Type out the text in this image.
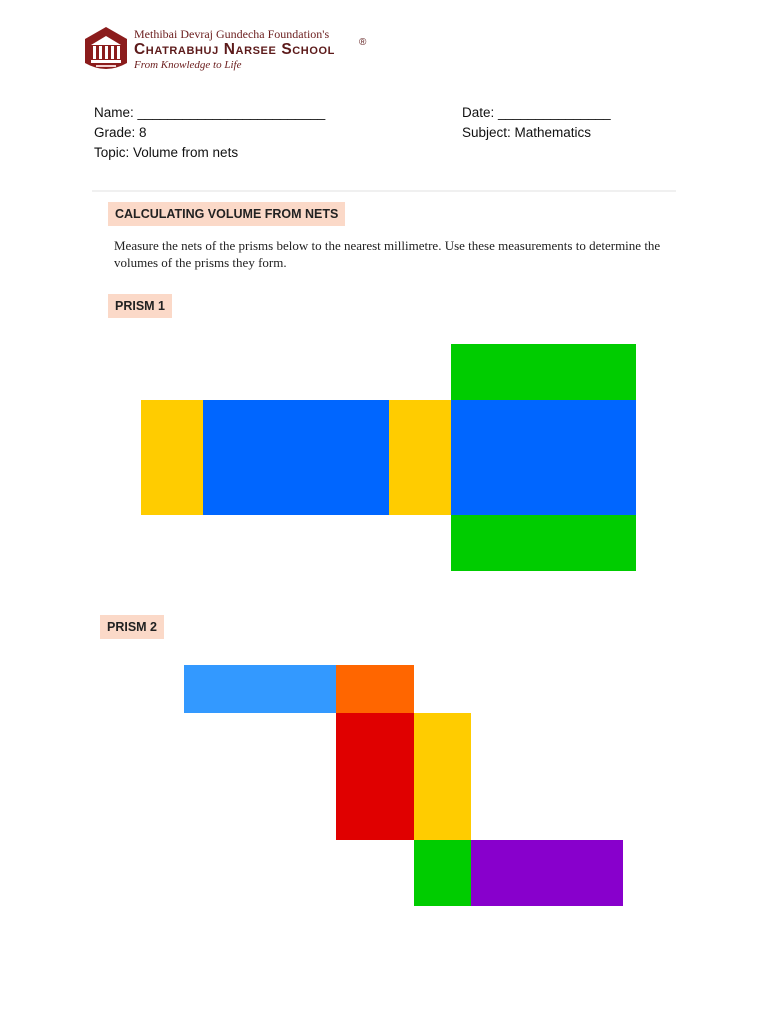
Methibai Devraj Gundecha Foundation's
Chatrabhuj Narsee School ®
From Knowledge to Life
Name: _________________________	Date: _______________
Grade: 8	Subject: Mathematics
Topic: Volume from nets
CALCULATING VOLUME FROM NETS
Measure the nets of the prisms below to the nearest millimetre. Use these measurements to determine the volumes of the prisms they form.
PRISM 1
PRISM 2
